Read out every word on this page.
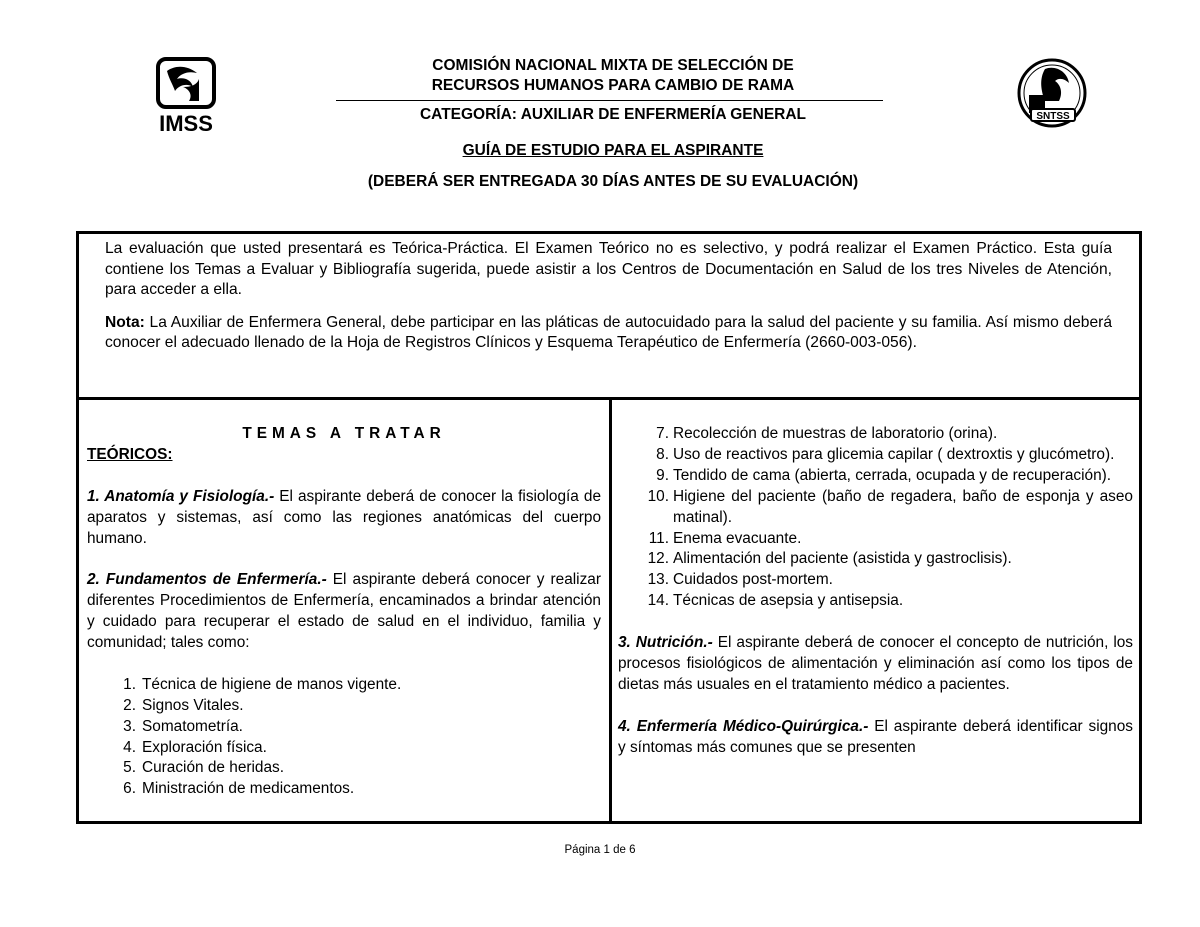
IMSS	SNTSS
COMISIÓN NACIONAL MIXTA DE SELECCIÓN DE
RECURSOS HUMANOS PARA CAMBIO DE RAMA
CATEGORÍA: AUXILIAR DE ENFERMERÍA GENERAL
GUÍA DE ESTUDIO PARA EL ASPIRANTE
(DEBERÁ SER ENTREGADA 30 DÍAS ANTES DE SU EVALUACIÓN)

La evaluación que usted presentará es Teórica-Práctica. El Examen Teórico no es selectivo, y podrá realizar el Examen Práctico. Esta guía contiene los Temas a Evaluar y Bibliografía sugerida, puede asistir a los Centros de Documentación en Salud de los tres Niveles de Atención, para acceder a ella.

Nota: La Auxiliar de Enfermera General, debe participar en las pláticas de autocuidado para la salud del paciente y su familia. Así mismo deberá conocer el adecuado llenado de la Hoja de Registros Clínicos y Esquema Terapéutico de Enfermería (2660-003-056).

TEMAS A TRATAR

TEÓRICOS:

1. Anatomía y Fisiología.- El aspirante deberá de conocer la fisiología de aparatos y sistemas, así como las regiones anatómicas del cuerpo humano.

2. Fundamentos de Enfermería.- El aspirante deberá conocer y realizar diferentes Procedimientos de Enfermería, encaminados a brindar atención y cuidado para recuperar el estado de salud en el individuo, familia y comunidad; tales como:

1. Técnica de higiene de manos vigente.
2. Signos Vitales.
3. Somatometría.
4. Exploración física.
5. Curación de heridas.
6. Ministración de medicamentos.
7. Recolección de muestras de laboratorio (orina).
8. Uso de reactivos para glicemia capilar ( dextroxtis y glucómetro).
9. Tendido de cama (abierta, cerrada, ocupada y de recuperación).
10. Higiene del paciente (baño de regadera, baño de esponja y aseo matinal).
11. Enema evacuante.
12. Alimentación del paciente (asistida y gastroclisis).
13. Cuidados post-mortem.
14. Técnicas de asepsia y antisepsia.

3. Nutrición.- El aspirante deberá de conocer el concepto de nutrición, los procesos fisiológicos de alimentación y eliminación así como los tipos de dietas más usuales en el tratamiento médico a pacientes.

4. Enfermería Médico-Quirúrgica.- El aspirante deberá identificar signos y síntomas más comunes que se presenten

Página 1 de 6
